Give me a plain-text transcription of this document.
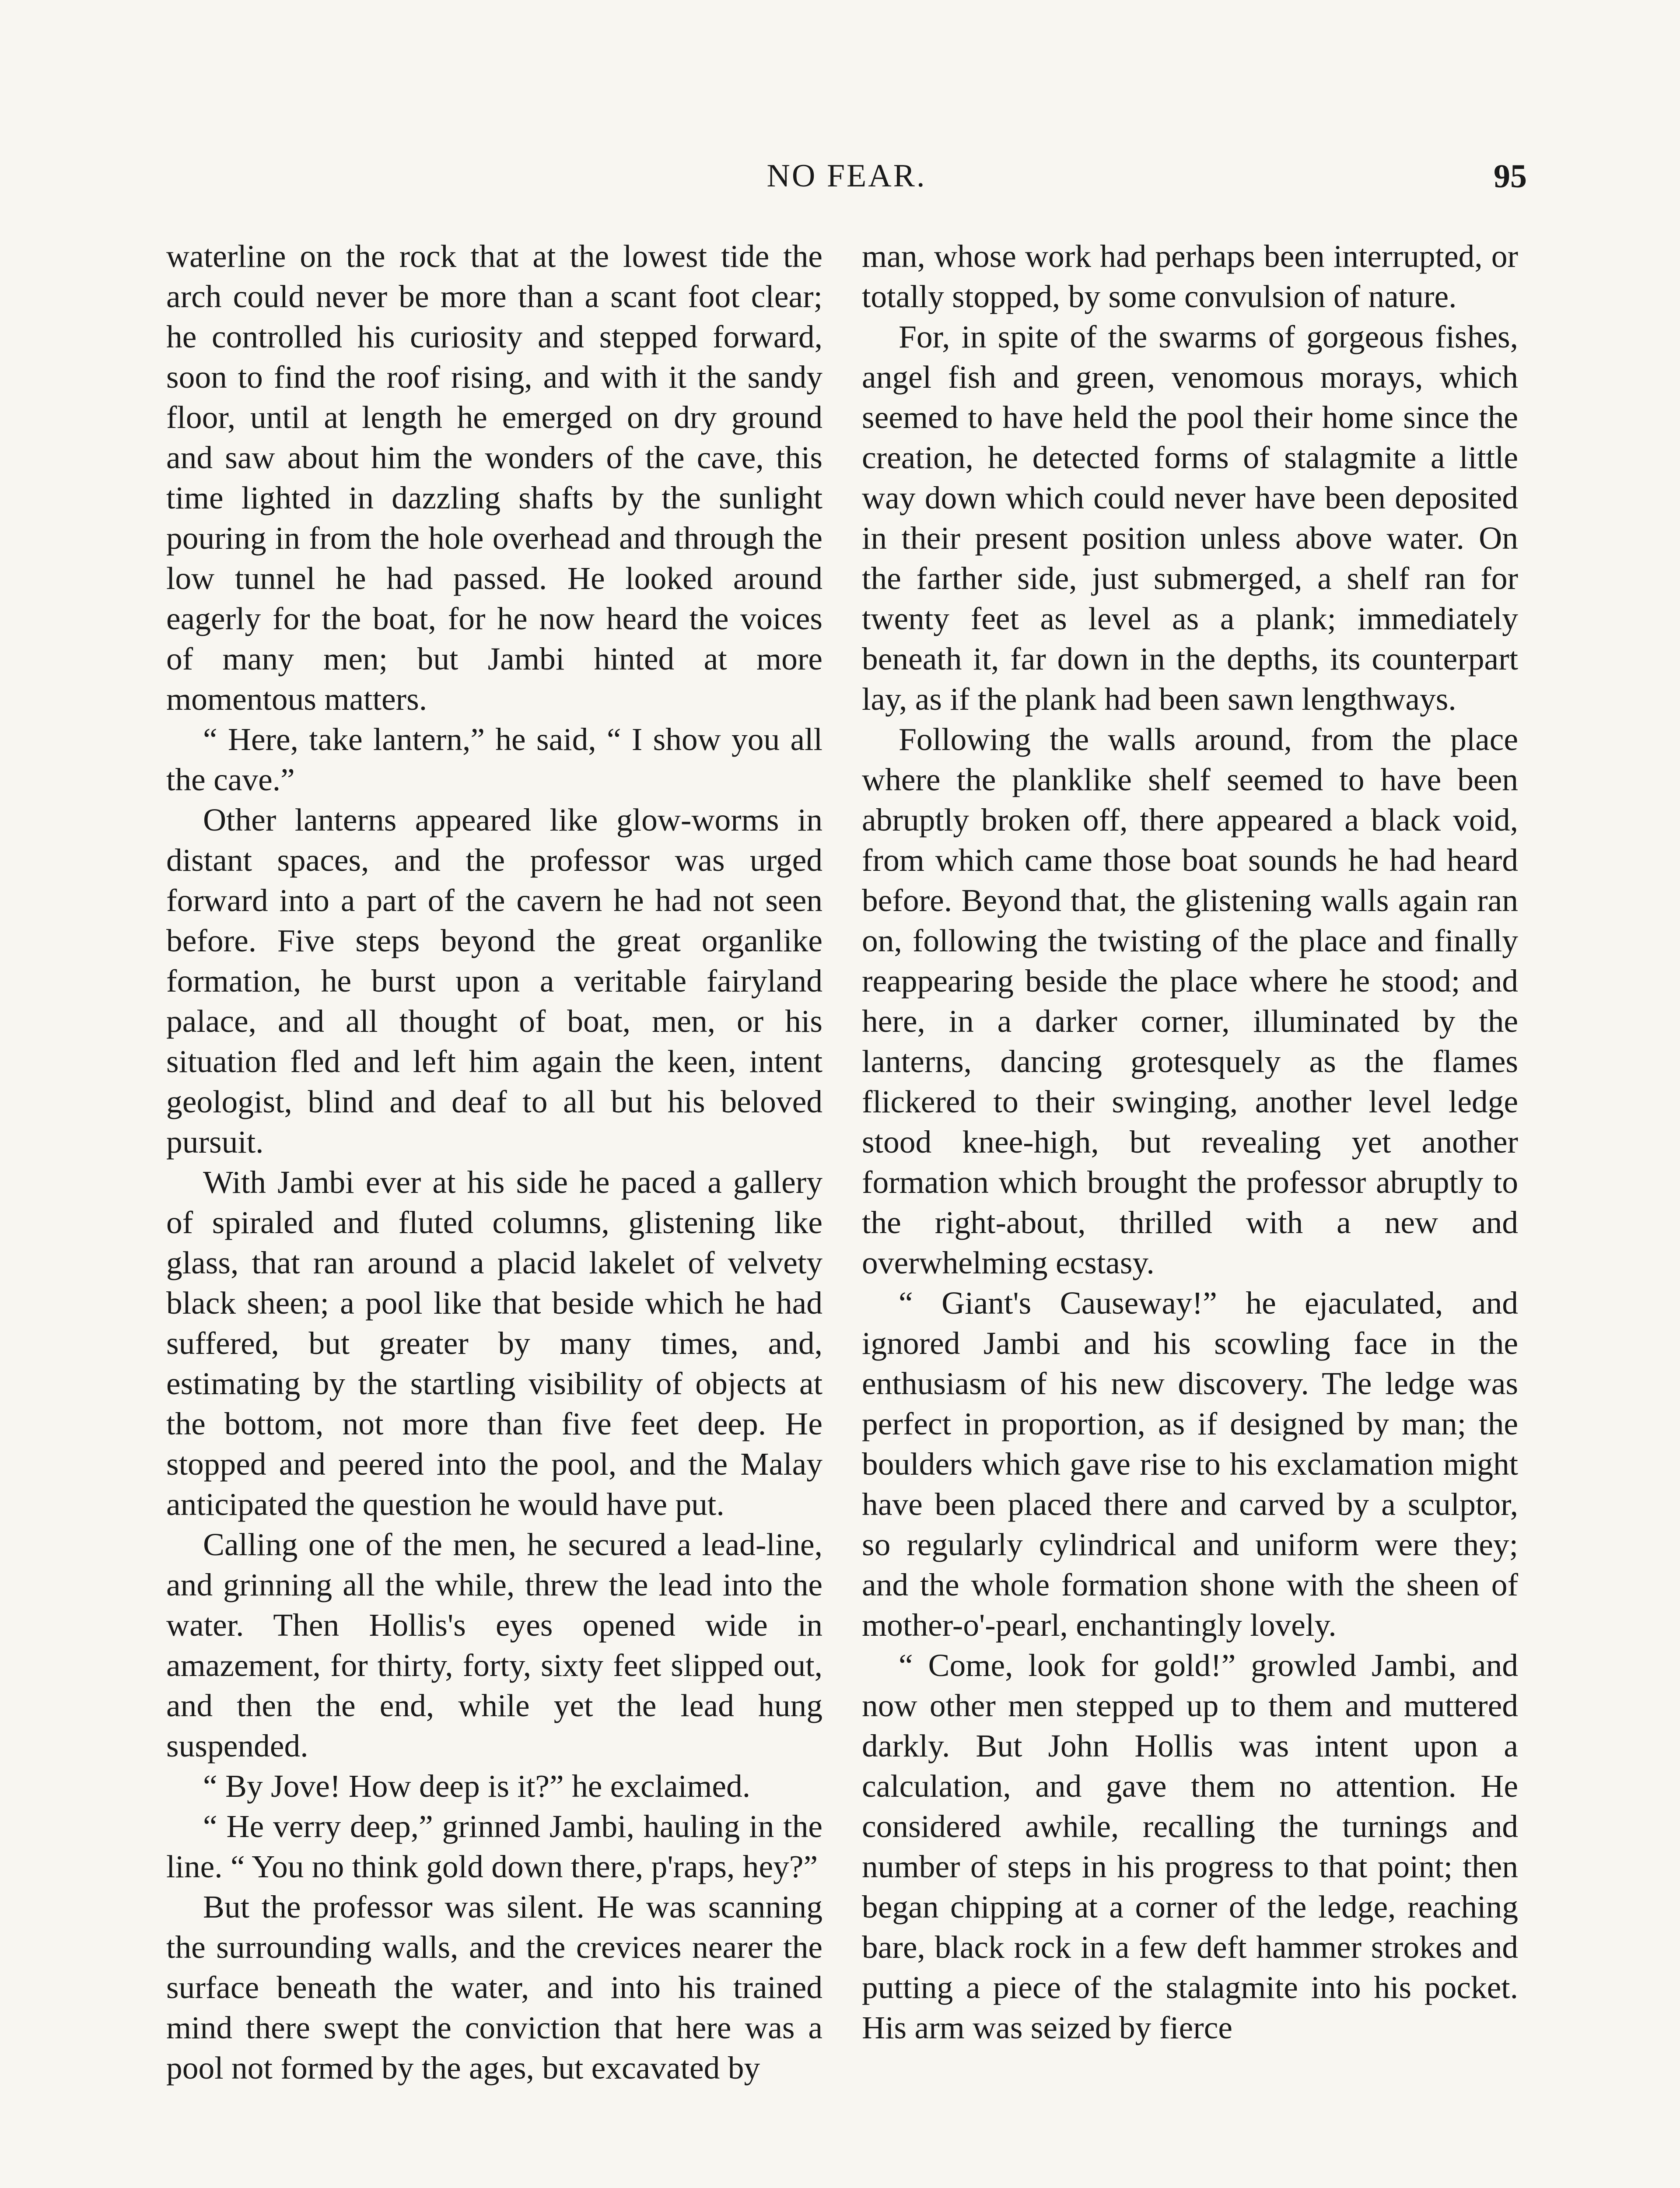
NO FEAR.	95

waterline on the rock that at the lowest tide the arch could never be more than a scant foot clear; he controlled his curiosity and stepped forward, soon to find the roof rising, and with it the sandy floor, until at length he emerged on dry ground and saw about him the wonders of the cave, this time lighted in dazzling shafts by the sunlight pouring in from the hole overhead and through the low tunnel he had passed. He looked around eagerly for the boat, for he now heard the voices of many men; but Jambi hinted at more momentous matters.

“ Here, take lantern,” he said, “ I show you all the cave.”

Other lanterns appeared like glow-worms in distant spaces, and the professor was urged forward into a part of the cavern he had not seen before. Five steps beyond the great organlike formation, he burst upon a veritable fairyland palace, and all thought of boat, men, or his situation fled and left him again the keen, intent geologist, blind and deaf to all but his beloved pursuit.

With Jambi ever at his side he paced a gallery of spiraled and fluted columns, glistening like glass, that ran around a placid lakelet of velvety black sheen; a pool like that beside which he had suffered, but greater by many times, and, estimating by the startling visibility of objects at the bottom, not more than five feet deep. He stopped and peered into the pool, and the Malay anticipated the question he would have put.

Calling one of the men, he secured a lead-line, and grinning all the while, threw the lead into the water. Then Hollis's eyes opened wide in amazement, for thirty, forty, sixty feet slipped out, and then the end, while yet the lead hung suspended.

“ By Jove! How deep is it?” he exclaimed.

“ He verry deep,” grinned Jambi, hauling in the line. “ You no think gold down there, p'raps, hey?”

But the professor was silent. He was scanning the surrounding walls, and the crevices nearer the surface beneath the water, and into his trained mind there swept the conviction that here was a pool not formed by the ages, but excavated by

man, whose work had perhaps been interrupted, or totally stopped, by some convulsion of nature.

For, in spite of the swarms of gorgeous fishes, angel fish and green, venomous morays, which seemed to have held the pool their home since the creation, he detected forms of stalagmite a little way down which could never have been deposited in their present position unless above water. On the farther side, just submerged, a shelf ran for twenty feet as level as a plank; immediately beneath it, far down in the depths, its counterpart lay, as if the plank had been sawn lengthways.

Following the walls around, from the place where the planklike shelf seemed to have been abruptly broken off, there appeared a black void, from which came those boat sounds he had heard before. Beyond that, the glistening walls again ran on, following the twisting of the place and finally reappearing beside the place where he stood; and here, in a darker corner, illuminated by the lanterns, dancing grotesquely as the flames flickered to their swinging, another level ledge stood knee-high, but revealing yet another formation which brought the professor abruptly to the right-about, thrilled with a new and overwhelming ecstasy.

“ Giant's Causeway!” he ejaculated, and ignored Jambi and his scowling face in the enthusiasm of his new discovery. The ledge was perfect in proportion, as if designed by man; the boulders which gave rise to his exclamation might have been placed there and carved by a sculptor, so regularly cylindrical and uniform were they; and the whole formation shone with the sheen of mother-o'-pearl, enchantingly lovely.

“ Come, look for gold!” growled Jambi, and now other men stepped up to them and muttered darkly. But John Hollis was intent upon a calculation, and gave them no attention. He considered awhile, recalling the turnings and number of steps in his progress to that point; then began chipping at a corner of the ledge, reaching bare, black rock in a few deft hammer strokes and putting a piece of the stalagmite into his pocket. His arm was seized by fierce
